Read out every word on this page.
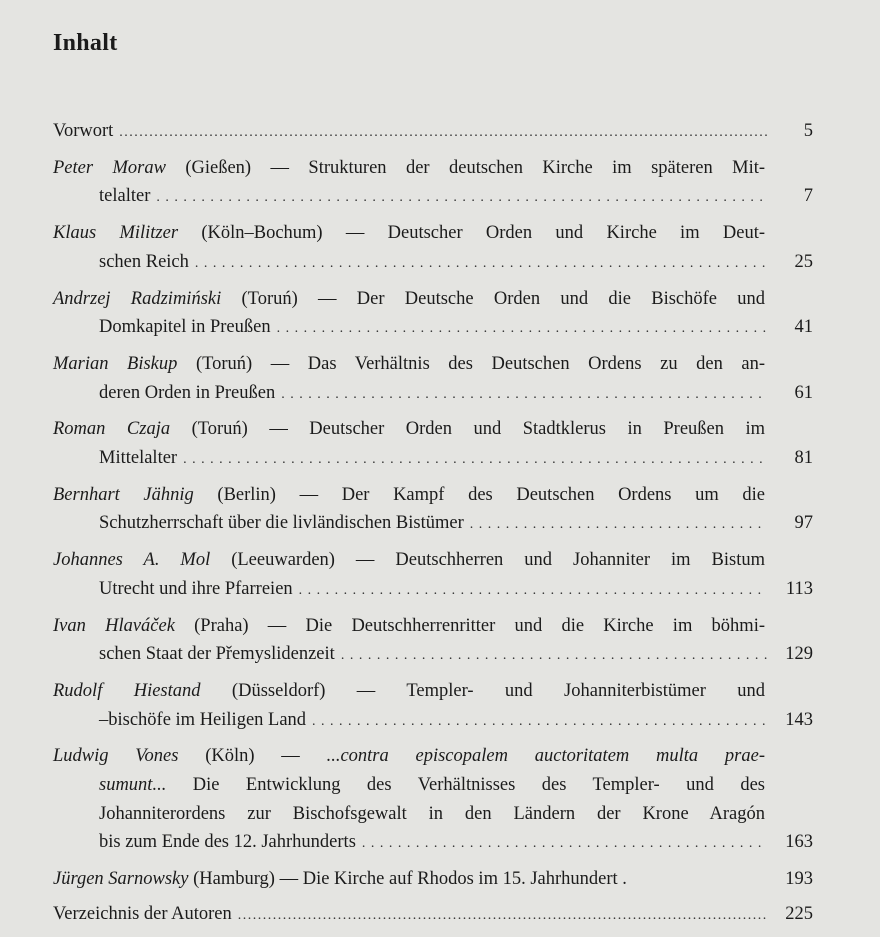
Inhalt
Vorwort . . .	5
Peter Moraw (Gießen) — Strukturen der deutschen Kirche im späteren Mit-
telalter . . .	7
Klaus Militzer (Köln–Bochum) — Deutscher Orden und Kirche im Deut-
schen Reich . . .	25
Andrzej Radzimiński (Toruń) — Der Deutsche Orden und die Bischöfe und
Domkapitel in Preußen . . .	41
Marian Biskup (Toruń) — Das Verhältnis des Deutschen Ordens zu den an-
deren Orden in Preußen . . .	61
Roman Czaja (Toruń) — Deutscher Orden und Stadtklerus in Preußen im
Mittelalter . . .	81
Bernhart Jähnig (Berlin) — Der Kampf des Deutschen Ordens um die
Schutzherrschaft über die livländischen Bistümer . . .	97
Johannes A. Mol (Leeuwarden) — Deutschherren und Johanniter im Bistum
Utrecht und ihre Pfarreien . . .	113
Ivan Hlaváček (Praha) — Die Deutschherrenritter und die Kirche im böhmi-
schen Staat der Přemyslidenzeit . . .	129
Rudolf Hiestand (Düsseldorf) — Templer- und Johanniterbistümer und
–bischöfe im Heiligen Land . . .	143
Ludwig Vones (Köln) — ...contra episcopalem auctoritatem multa prae-
sumunt... Die Entwicklung des Verhältnisses des Templer- und des
Johanniterordens zur Bischofsgewalt in den Ländern der Krone Aragón
bis zum Ende des 12. Jahrhunderts . . .	163
Jürgen Sarnowsky (Hamburg) — Die Kirche auf Rhodos im 15. Jahrhundert .	193
Verzeichnis der Autoren . . .	225
